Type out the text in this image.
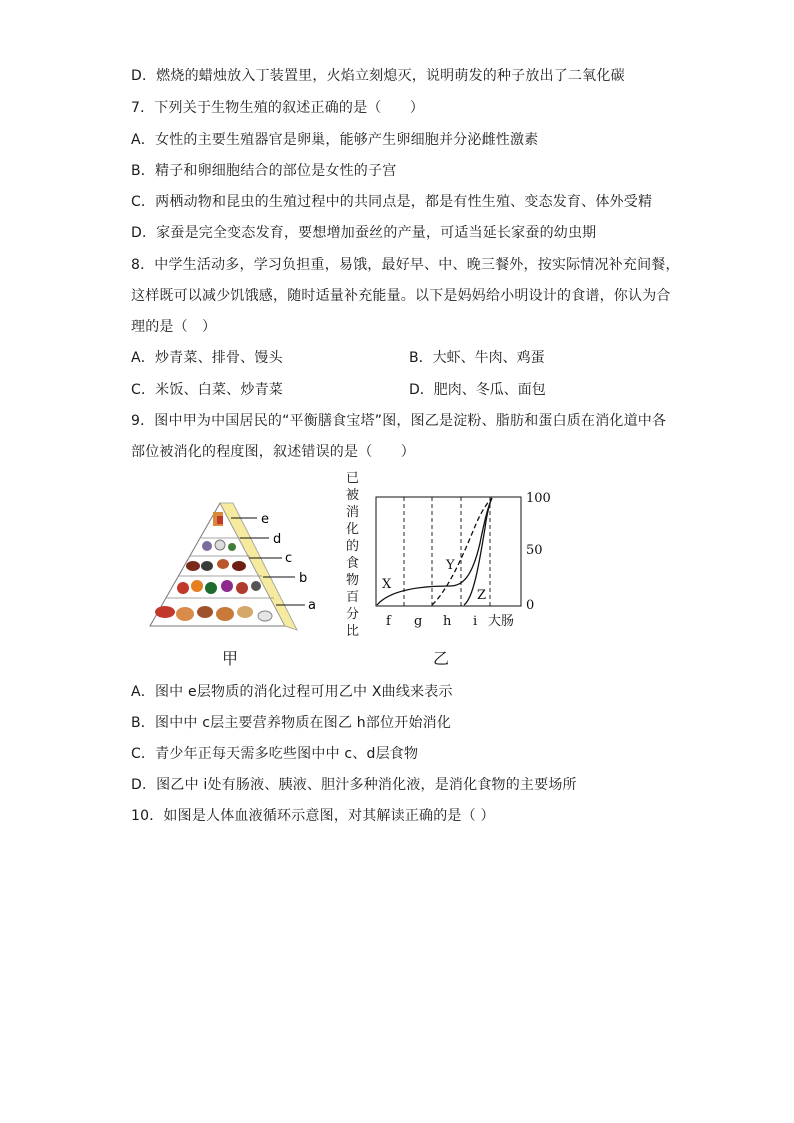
D．燃烧的蜡烛放入丁装置里，火焰立刻熄灭，说明萌发的种子放出了二氧化碳
7．下列关于生物生殖的叙述正确的是（　　）
A．女性的主要生殖器官是卵巢，能够产生卵细胞并分泌雌性激素
B．精子和卵细胞结合的部位是女性的子宫
C．两栖动物和昆虫的生殖过程中的共同点是，都是有性生殖、变态发育、体外受精
D．家蚕是完全变态发育，要想增加蚕丝的产量，可适当延长家蚕的幼虫期
8．中学生活动多，学习负担重，易饿，最好早、中、晚三餐外，按实际情况补充间餐，
这样既可以减少饥饿感，随时适量补充能量。以下是妈妈给小明设计的食谱，你认为合
理的是（　）
A．炒青菜、排骨、馒头	B．大虾、牛肉、鸡蛋
C．米饭、白菜、炒青菜	D．肥肉、冬瓜、面包
9．图中甲为中国居民的“平衡膳食宝塔”图，图乙是淀粉、脂肪和蛋白质在消化道中各
部位被消化的程度图，叙述错误的是（　　）
e
d
c
b
a
甲
已
被
消
化
的
食
物
百
分
比
X
Y
Z
100
50
0
f g h i 大肠
乙
A．图中 e层物质的消化过程可用乙中 X曲线来表示
B．图中中 c层主要营养物质在图乙 h部位开始消化
C．青少年正每天需多吃些图中中 c、d层食物
D．图乙中 i处有肠液、胰液、胆汁多种消化液，是消化食物的主要场所
10．如图是人体血液循环示意图，对其解读正确的是（ ）
